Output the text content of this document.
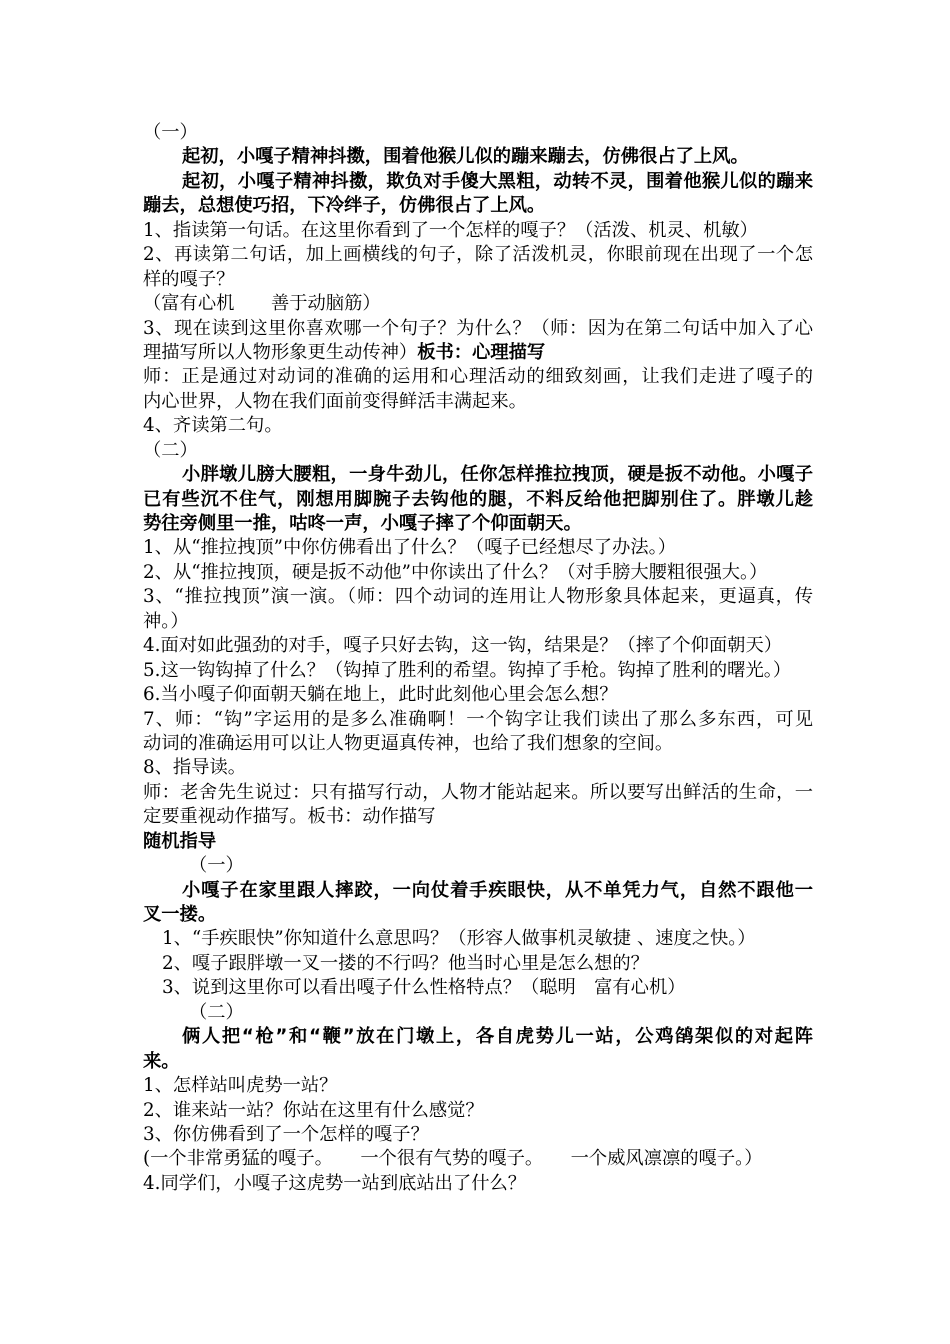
（一）
起初，小嘎子精神抖擞，围着他猴儿似的蹦来蹦去，仿佛很占了上风。
起初，小嘎子精神抖擞，欺负对手傻大黑粗，动转不灵，围着他猴儿似的蹦来
蹦去，总想使巧招，下冷绊子，仿佛很占了上风。
1、指读第一句话。在这里你看到了一个怎样的嘎子？（活泼、机灵、机敏）
2、再读第二句话，加上画横线的句子，除了活泼机灵，你眼前现在出现了一个怎
样的嘎子？
（富有心机　　善于动脑筋）
3、现在读到这里你喜欢哪一个句子？为什么？（师：因为在第二句话中加入了心
理描写所以人物形象更生动传神）板书：心理描写
师：正是通过对动词的准确的运用和心理活动的细致刻画，让我们走进了嘎子的
内心世界，人物在我们面前变得鲜活丰满起来。
4、齐读第二句。
（二）
小胖墩儿膀大腰粗，一身牛劲儿，任你怎样推拉拽顶，硬是扳不动他。小嘎子
已有些沉不住气，刚想用脚腕子去钩他的腿，不料反给他把脚别住了。胖墩儿趁
势往旁侧里一推，咕咚一声，小嘎子摔了个仰面朝天。
1、从“推拉拽顶”中你仿佛看出了什么？（嘎子已经想尽了办法。）
2、从“推拉拽顶，硬是扳不动他”中你读出了什么？（对手膀大腰粗很强大。）
3、“推拉拽顶”演一演。（师：四个动词的连用让人物形象具体起来，更逼真，传
神。）
4.面对如此强劲的对手，嘎子只好去钩，这一钩，结果是？（摔了个仰面朝天）
5.这一钩钩掉了什么？（钩掉了胜利的希望。钩掉了手枪。钩掉了胜利的曙光。）
6.当小嘎子仰面朝天躺在地上，此时此刻他心里会怎么想？
7、师：“钩”字运用的是多么准确啊！一个钩字让我们读出了那么多东西，可见
动词的准确运用可以让人物更逼真传神，也给了我们想象的空间。
8、指导读。
师：老舍先生说过：只有描写行动，人物才能站起来。所以要写出鲜活的生命，一
定要重视动作描写。板书：动作描写
随机指导
（一）
小嘎子在家里跟人摔跤，一向仗着手疾眼快，从不单凭力气，自然不跟他一
叉一搂。
1、“手疾眼快”你知道什么意思吗？（形容人做事机灵敏捷 、速度之快。）
2、嘎子跟胖墩一叉一搂的不行吗？他当时心里是怎么想的？
3、说到这里你可以看出嘎子什么性格特点？（聪明　富有心机）
（二）
俩人把“枪”和“鞭”放在门墩上，各自虎势儿一站，公鸡鹐架似的对起阵
来。
1、怎样站叫虎势一站？
2、谁来站一站？你站在这里有什么感觉？
3、你仿佛看到了一个怎样的嘎子？
(一个非常勇猛的嘎子。　　一个很有气势的嘎子。　　一个威风凛凛的嘎子。）
4.同学们，小嘎子这虎势一站到底站出了什么？
